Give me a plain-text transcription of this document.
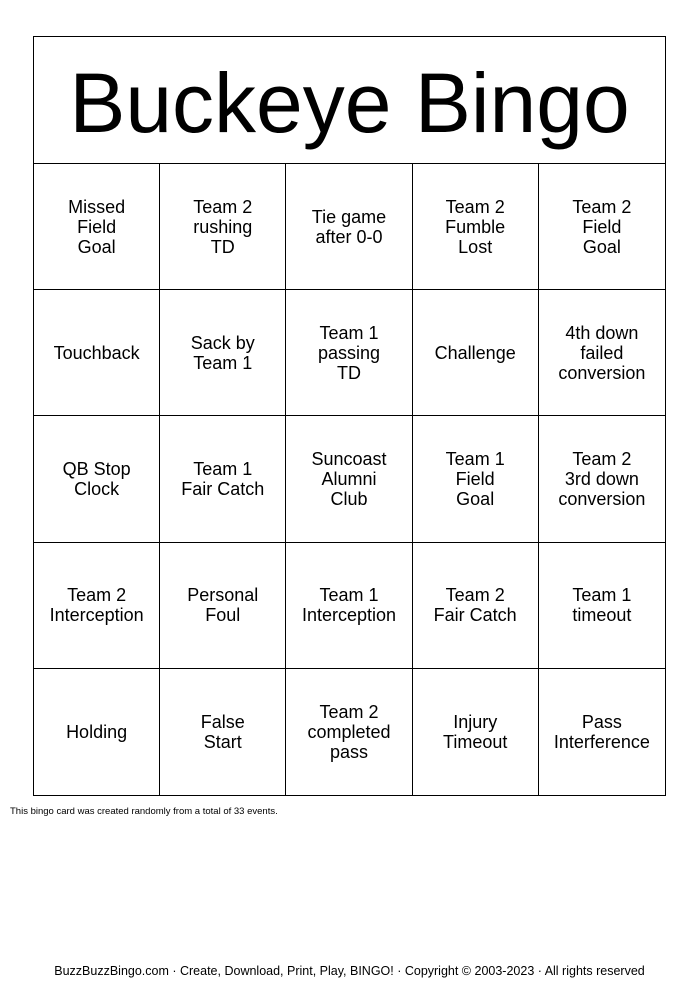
Buckeye Bingo
Missed
Field
Goal
Team 2
rushing
TD
Tie game
after 0-0
Team 2
Fumble
Lost
Team 2
Field
Goal
Touchback	Sack by
Team 1
Team 1
passing
TD
Challenge
4th down
failed
conversion
QB Stop
Clock
Team 1
Fair Catch
Suncoast
Alumni
Club
Team 1
Field
Goal
Team 2
3rd down
conversion
Team 2
Interception
Personal
Foul
Team 1
Interception
Team 2
Fair Catch
Team 1
timeout
Holding	False
Start
Team 2
completed
pass
Injury
Timeout
Pass
Interference
This bingo card was created randomly from a total of 33 events.
BuzzBuzzBingo.com · Create, Download, Print, Play, BINGO! · Copyright © 2003-2023 · All rights reserved
